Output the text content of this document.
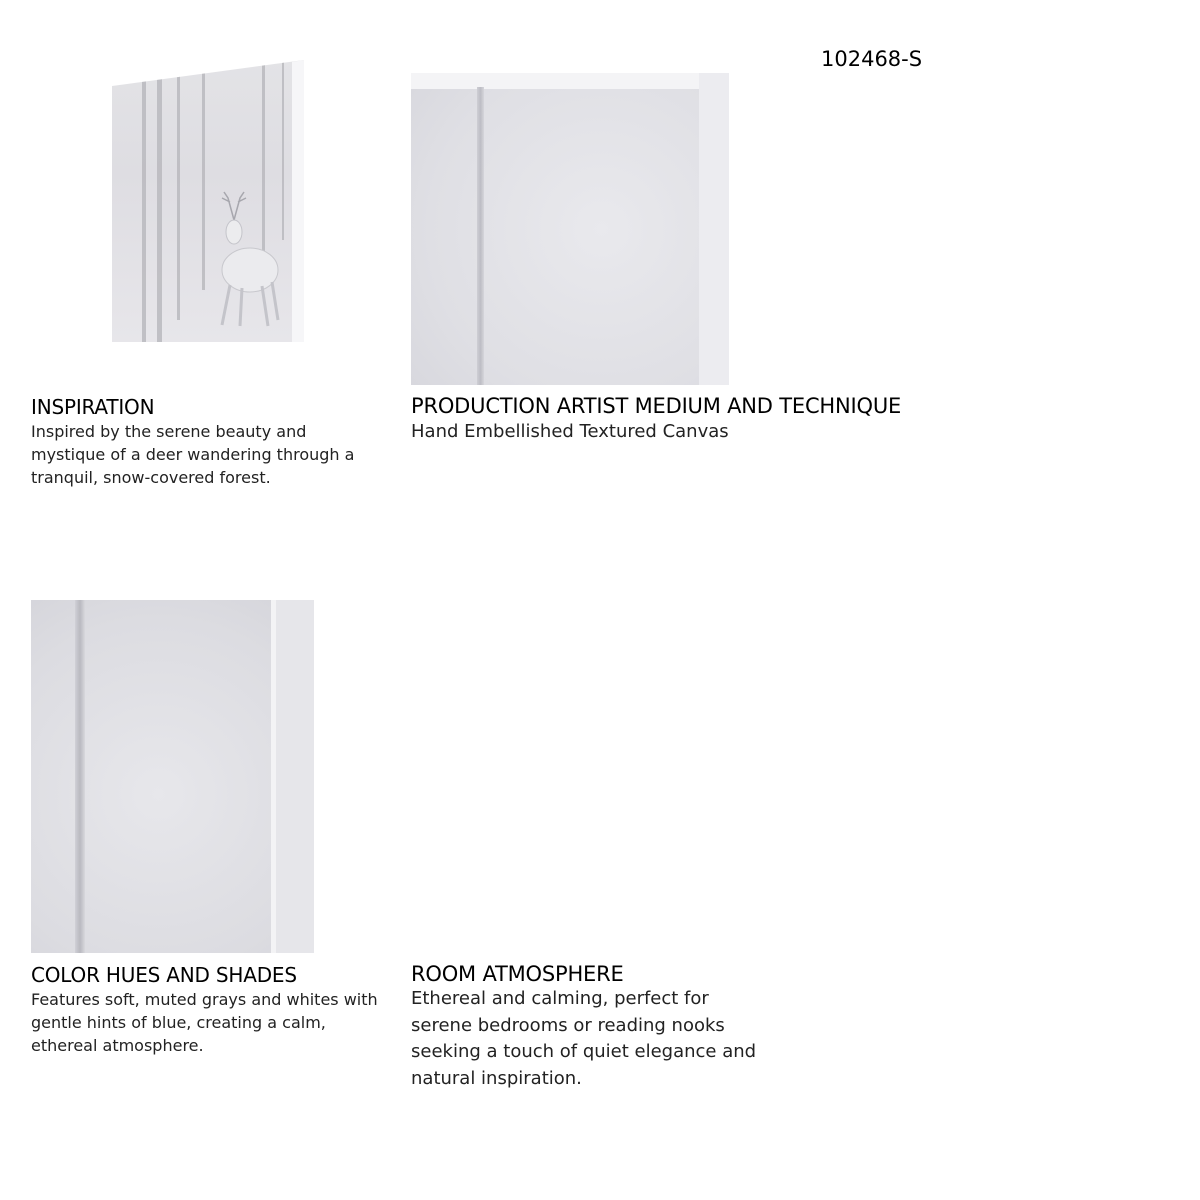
102468-S
INSPIRATION
Inspired by the serene beauty and mystique of a deer wandering through a tranquil, snow-covered forest.
PRODUCTION ARTIST MEDIUM AND TECHNIQUE
Hand Embellished Textured Canvas
COLOR HUES AND SHADES
Features soft, muted grays and whites with gentle hints of blue, creating a calm, ethereal atmosphere.
ROOM ATMOSPHERE
Ethereal and calming, perfect for serene bedrooms or reading nooks seeking a touch of quiet elegance and natural inspiration.
